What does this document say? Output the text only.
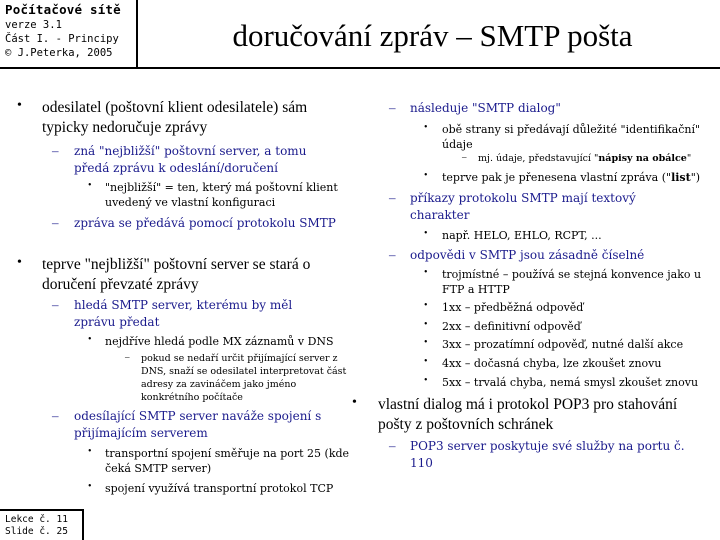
Počítačové sítě
verze 3.1
Část I. - Principy
© J.Peterka, 2005	doručování zpráv – SMTP pošta
• odesilatel (poštovní klient odesilatele) sám typicky nedoručuje zprávy
– zná "nejbližší" poštovní server, a tomu předá zprávu k odeslání/doručení
• "nejbližší" = ten, který má poštovní klient uvedený ve vlastní konfiguraci
– zpráva se předává pomocí protokolu SMTP
• teprve "nejbližší" poštovní server se stará o doručení převzaté zprávy
– hledá SMTP server, kterému by měl zprávu předat
• nejdříve hledá podle MX záznamů v DNS
– pokud se nedaří určit přijímající server z DNS, snaží se odesilatel interpretovat část adresy za zavináčem jako jméno konkrétního počítače
– odesílající SMTP server naváže spojení s přijímajícím serverem
• transportní spojení směřuje na port 25 (kde čeká SMTP server)
• spojení využívá transportní protokol TCP
– následuje "SMTP dialog"
• obě strany si předávají důležité "identifikační" údaje
– mj. údaje, představující "nápisy na obálce"
• teprve pak je přenesena vlastní zpráva ("list")
– příkazy protokolu SMTP mají textový charakter
• např. HELO, EHLO, RCPT, ...
– odpovědi v SMTP jsou zásadně číselné
• trojmístné – používá se stejná konvence jako u FTP a HTTP
• 1xx – předběžná odpověď
• 2xx – definitivní odpověď
• 3xx – prozatímní odpověď, nutné další akce
• 4xx – dočasná chyba, lze zkoušet znovu
• 5xx – trvalá chyba, nemá smysl zkoušet znovu
• vlastní dialog má i protokol POP3 pro stahování pošty z poštovních schránek
– POP3 server poskytuje své služby na portu č. 110
Lekce č. 11
Slide č. 25
